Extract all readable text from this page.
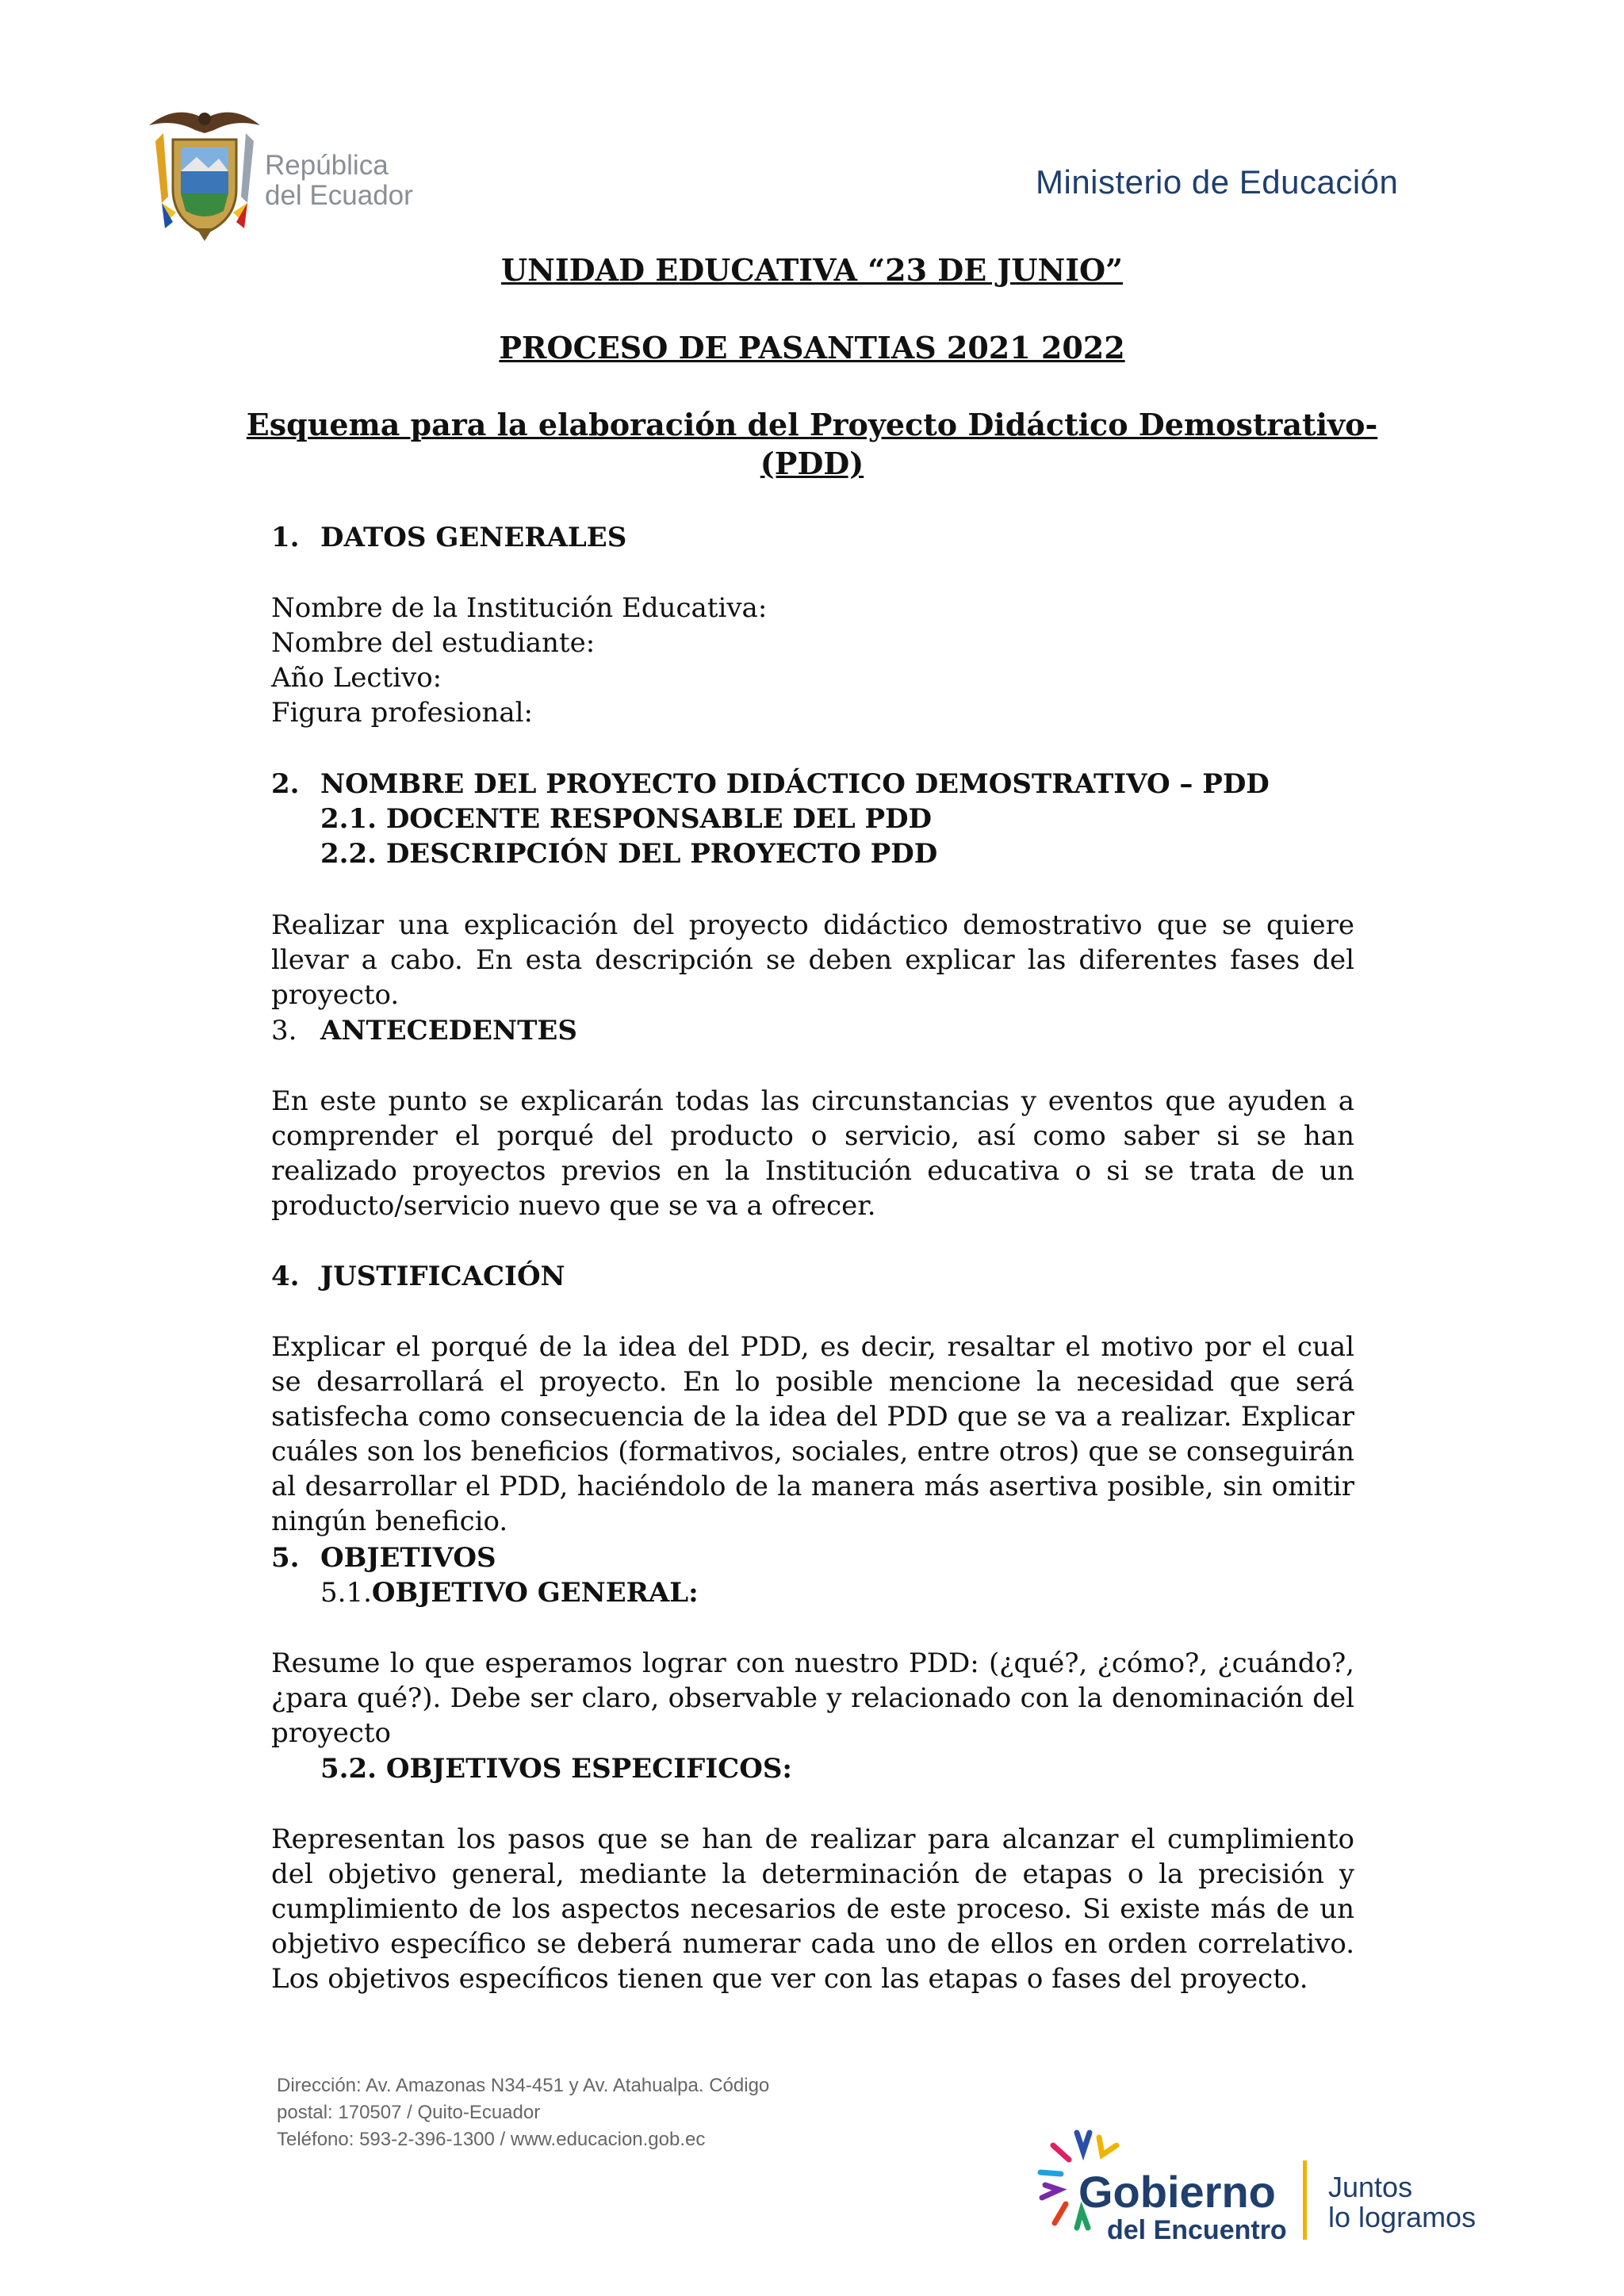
República
del Ecuador	Ministerio de Educación
UNIDAD EDUCATIVA “23 DE JUNIO”
PROCESO DE PASANTIAS 2021 2022
Esquema para la elaboración del Proyecto Didáctico Demostrativo-
(PDD)
1. DATOS GENERALES
Nombre de la Institución Educativa:
Nombre del estudiante:
Año Lectivo:
Figura profesional:
2. NOMBRE DEL PROYECTO DIDÁCTICO DEMOSTRATIVO – PDD
2.1. DOCENTE RESPONSABLE DEL PDD
2.2. DESCRIPCIÓN DEL PROYECTO PDD
Realizar una explicación del proyecto didáctico demostrativo que se quiere llevar a cabo. En esta descripción se deben explicar las diferentes fases del proyecto.
3. ANTECEDENTES
En este punto se explicarán todas las circunstancias y eventos que ayuden a comprender el porqué del producto o servicio, así como saber si se han realizado proyectos previos en la Institución educativa o si se trata de un producto/servicio nuevo que se va a ofrecer.
4. JUSTIFICACIÓN
Explicar el porqué de la idea del PDD, es decir, resaltar el motivo por el cual se desarrollará el proyecto. En lo posible mencione la necesidad que será satisfecha como consecuencia de la idea del PDD que se va a realizar. Explicar cuáles son los beneficios (formativos, sociales, entre otros) que se conseguirán al desarrollar el PDD, haciéndolo de la manera más asertiva posible, sin omitir ningún beneficio.
5. OBJETIVOS
5.1.OBJETIVO GENERAL:
Resume lo que esperamos lograr con nuestro PDD: (¿qué?, ¿cómo?, ¿cuándo?, ¿para qué?). Debe ser claro, observable y relacionado con la denominación del proyecto
5.2. OBJETIVOS ESPECIFICOS:
Representan los pasos que se han de realizar para alcanzar el cumplimiento del objetivo general, mediante la determinación de etapas o la precisión y cumplimiento de los aspectos necesarios de este proceso. Si existe más de un objetivo específico se deberá numerar cada uno de ellos en orden correlativo. Los objetivos específicos tienen que ver con las etapas o fases del proyecto.
Dirección: Av. Amazonas N34-451 y Av. Atahualpa. Código
postal: 170507 / Quito-Ecuador
Teléfono: 593-2-396-1300 / www.educacion.gob.ec
Gobierno
del Encuentro
Juntos
lo logramos
